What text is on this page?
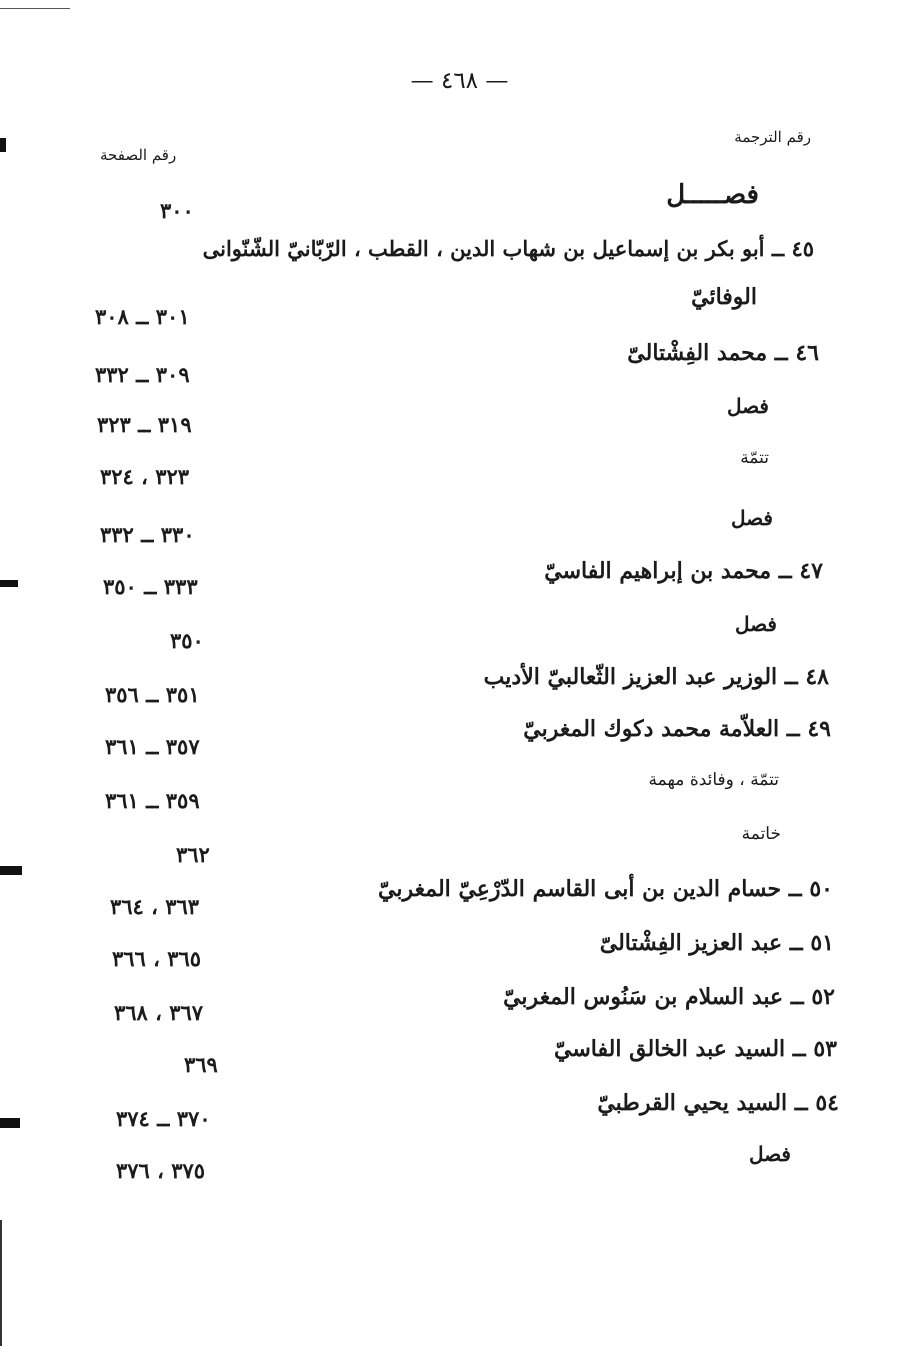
— ٤٦٨ —
رقم الترجمة
رقم الصفحة
فصـــــل
٤٥ ــ أبو بكر بن إسماعيل بن شهاب الدين ، القطب ، الرّبّانيّ الشّنّوانى
الوفائيّ
٤٦ ــ محمد الفِشْتالىّ
فصل
تتمّة
فصل
٤٧ ــ محمد بن إبراهيم الفاسيّ
فصل
٤٨ ــ الوزير عبد العزيز الثّعالبيّ الأديب
٤٩ ــ العلاّمة محمد دكوك المغربيّ
تتمّة ، وفائدة مهمة
خاتمة
٥٠ ــ حسام الدين بن أبى القاسم الدّرْعِيّ المغربيّ
٥١ ــ عبد العزيز الفِشْتالىّ
٥٢ ــ عبد السلام بن سَنُوس المغربيّ
٥٣ ــ السيد عبد الخالق الفاسيّ
٥٤ ــ السيد يحيي القرطبيّ
فصل
٣٠٠
٣٠١ ــ ٣٠٨
٣٠٩ ــ ٣٣٢
٣١٩ ــ ٣٢٣
٣٢٣ ، ٣٢٤
٣٣٠ ــ ٣٣٢
٣٣٣ ــ ٣٥٠
٣٥٠
٣٥١ ــ ٣٥٦
٣٥٧ ــ ٣٦١
٣٥٩ ــ ٣٦١
٣٦٢
٣٦٣ ، ٣٦٤
٣٦٥ ، ٣٦٦
٣٦٧ ، ٣٦٨
٣٦٩
٣٧٠ ــ ٣٧٤
٣٧٥ ، ٣٧٦
